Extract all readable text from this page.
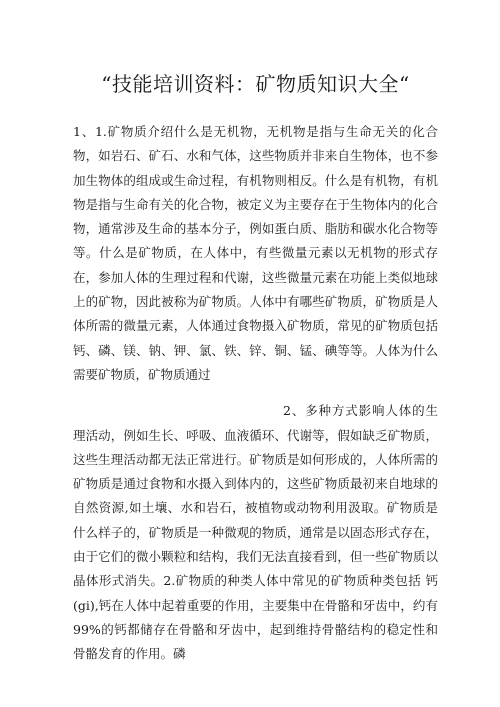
“技能培训资料：矿物质知识大全“

1、1.矿物质介绍什么是无机物，无机物是指与生命无关的化合物，如岩石、矿石、水和气体，这些物质并非来自生物体，也不参加生物体的组成或生命过程，有机物则相反。什么是有机物，有机物是指与生命有关的化合物，被定义为主要存在于生物体内的化合物，通常涉及生命的基本分子，例如蛋白质、脂肪和碳水化合物等等。什么是矿物质，在人体中，有些微量元素以无机物的形式存在，参加人体的生理过程和代谢，这些微量元素在功能上类似地球上的矿物，因此被称为矿物质。人体中有哪些矿物质，矿物质是人体所需的微量元素，人体通过食物摄入矿物质，常见的矿物质包括 钙、磷、镁、钠、钾、氯、铁、锌、铜、锰、碘等等。人体为什么需要矿物质，矿物质通过

2、多种方式影响人体的生理活动，例如生长、呼吸、血液循环、代谢等，假如缺乏矿物质，这些生理活动都无法正常进行。矿物质是如何形成的，人体所需的矿物质是通过食物和水摄入到体内的，这些矿物质最初来自地球的自然资源,如土壤、水和岩石，被植物或动物利用汲取。矿物质是什么样子的，矿物质是一种微观的物质，通常是以固态形式存在，由于它们的微小颗粒和结构，我们无法直接看到，但一些矿物质以晶体形式消失。2.矿物质的种类人体中常见的矿物质种类包括 钙(gi),钙在人体中起着重要的作用，主要集中在骨骼和牙齿中，约有99%的钙都储存在骨骼和牙齿中，起到维持骨骼结构的稳定性和骨骼发育的作用。磷
